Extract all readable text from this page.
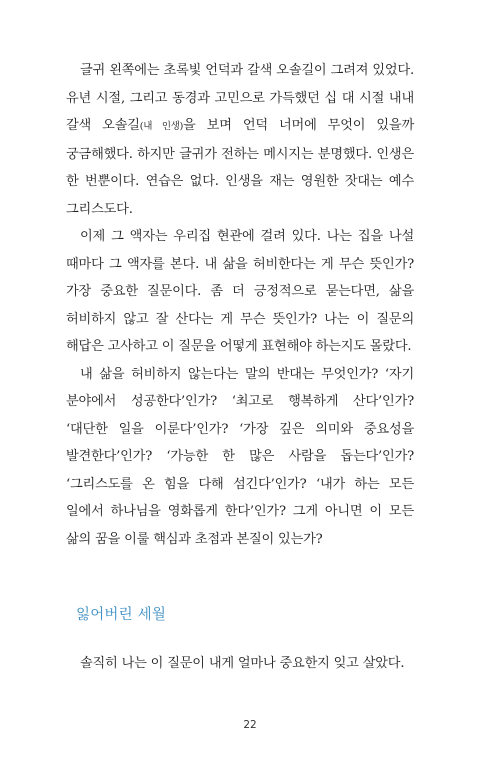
글귀 왼쪽에는 초록빛 언덕과 갈색 오솔길이 그려져 있었다. 유년 시절, 그리고 동경과 고민으로 가득했던 십 대 시절 내내 갈색 오솔길(내 인생)을 보며 언덕 너머에 무엇이 있을까 궁금해했다. 하지만 글귀가 전하는 메시지는 분명했다. 인생은 한 번뿐이다. 연습은 없다. 인생을 재는 영원한 잣대는 예수 그리스도다.

이제 그 액자는 우리집 현관에 걸려 있다. 나는 집을 나설 때마다 그 액자를 본다. 내 삶을 허비한다는 게 무슨 뜻인가? 가장 중요한 질문이다. 좀 더 긍정적으로 묻는다면, 삶을 허비하지 않고 잘 산다는 게 무슨 뜻인가? 나는 이 질문의 해답은 고사하고 이 질문을 어떻게 표현해야 하는지도 몰랐다.

내 삶을 허비하지 않는다는 말의 반대는 무엇인가? ‘자기 분야에서 성공한다’인가? ‘최고로 행복하게 산다’인가? ‘대단한 일을 이룬다’인가? ‘가장 깊은 의미와 중요성을 발견한다’인가? ‘가능한 한 많은 사람을 돕는다’인가? ‘그리스도를 온 힘을 다해 섬긴다’인가? ‘내가 하는 모든 일에서 하나님을 영화롭게 한다’인가? 그게 아니면 이 모든 삶의 꿈을 이룰 핵심과 초점과 본질이 있는가?

잃어버린 세월

솔직히 나는 이 질문이 내게 얼마나 중요한지 잊고 살았다.

22
